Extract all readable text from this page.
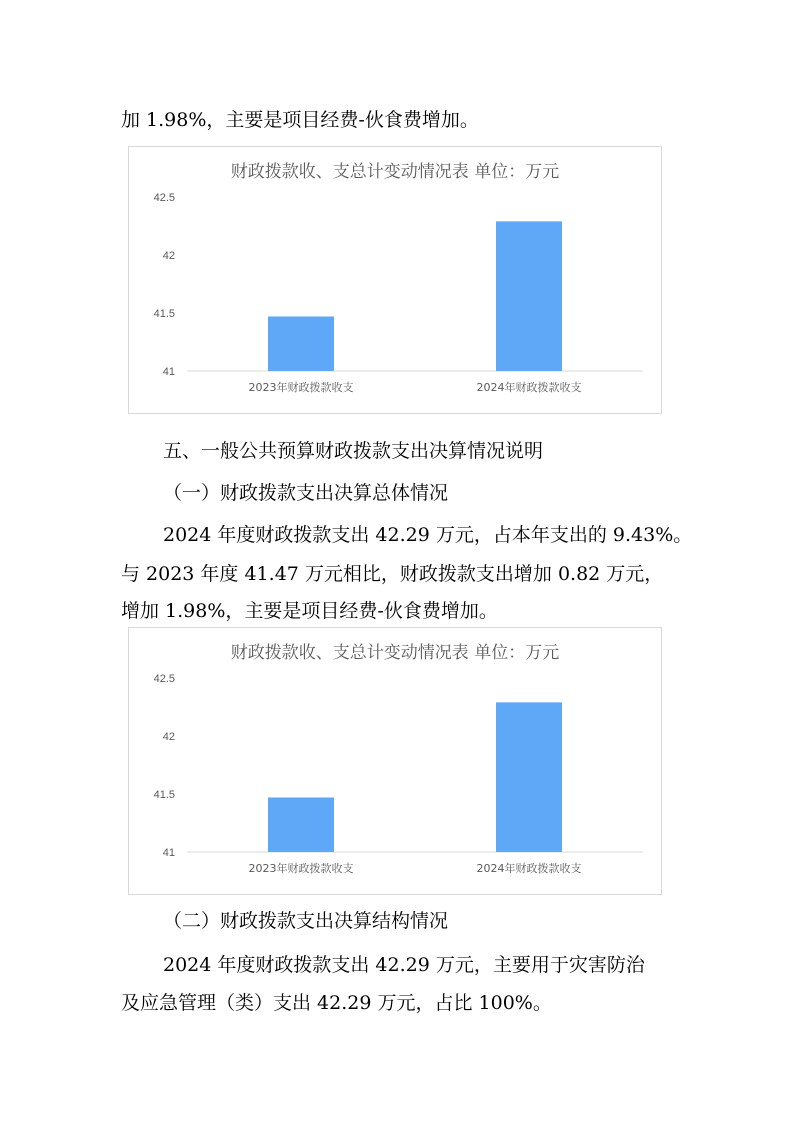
加 1.98%，主要是项目经费-伙食费增加。
财政拨款收、支总计变动情况表 单位：万元
41
41.5
42
42.5
2023年财政拨款收支	2024年财政拨款收支
五、一般公共预算财政拨款支出决算情况说明
（一）财政拨款支出决算总体情况
2024 年度财政拨款支出 42.29 万元，占本年支出的 9.43%。
与 2023 年度 41.47 万元相比，财政拨款支出增加 0.82 万元，
增加 1.98%，主要是项目经费-伙食费增加。
财政拨款收、支总计变动情况表 单位：万元
41
41.5
42
42.5
2023年财政拨款收支	2024年财政拨款收支
（二）财政拨款支出决算结构情况
2024 年度财政拨款支出 42.29 万元，主要用于灾害防治
及应急管理（类）支出 42.29 万元，占比 100%。
